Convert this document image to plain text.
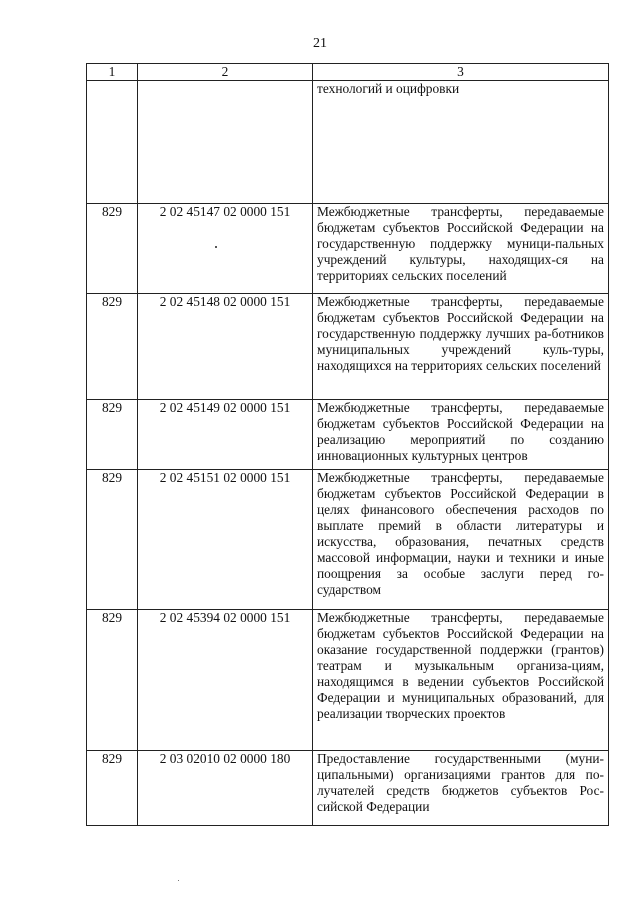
21
1	2	3
		технологий и оцифровки
829	2 02 45147 02 0000 151	Межбюджетные трансферты, передаваемые бюджетам субъектов Российской Федерации на государственную поддержку муници-пальных учреждений культуры, находящих-ся на территориях сельских поселений
829	2 02 45148 02 0000 151	Межбюджетные трансферты, передаваемые бюджетам субъектов Российской Федерации на государственную поддержку лучших ра-ботников муниципальных учреждений куль-туры, находящихся на территориях сельских поселений
829	2 02 45149 02 0000 151	Межбюджетные трансферты, передаваемые бюджетам субъектов Российской Федерации на реализацию мероприятий по созданию инновационных культурных центров
829	2 02 45151 02 0000 151	Межбюджетные трансферты, передаваемые бюджетам субъектов Российской Федерации в целях финансового обеспечения расходов по выплате премий в области литературы и искусства, образования, печатных средств массовой информации, науки и техники и иные поощрения за особые заслуги перед го-сударством
829	2 02 45394 02 0000 151	Межбюджетные трансферты, передаваемые бюджетам субъектов Российской Федерации на оказание государственной поддержки (грантов) театрам и музыкальным организа-циям, находящимся в ведении субъектов Российской Федерации и муниципальных образований, для реализации творческих проектов
829	2 03 02010 02 0000 180	Предоставление государственными (муни-ципальными) организациями грантов для по-лучателей средств бюджетов субъектов Рос-сийской Федерации
